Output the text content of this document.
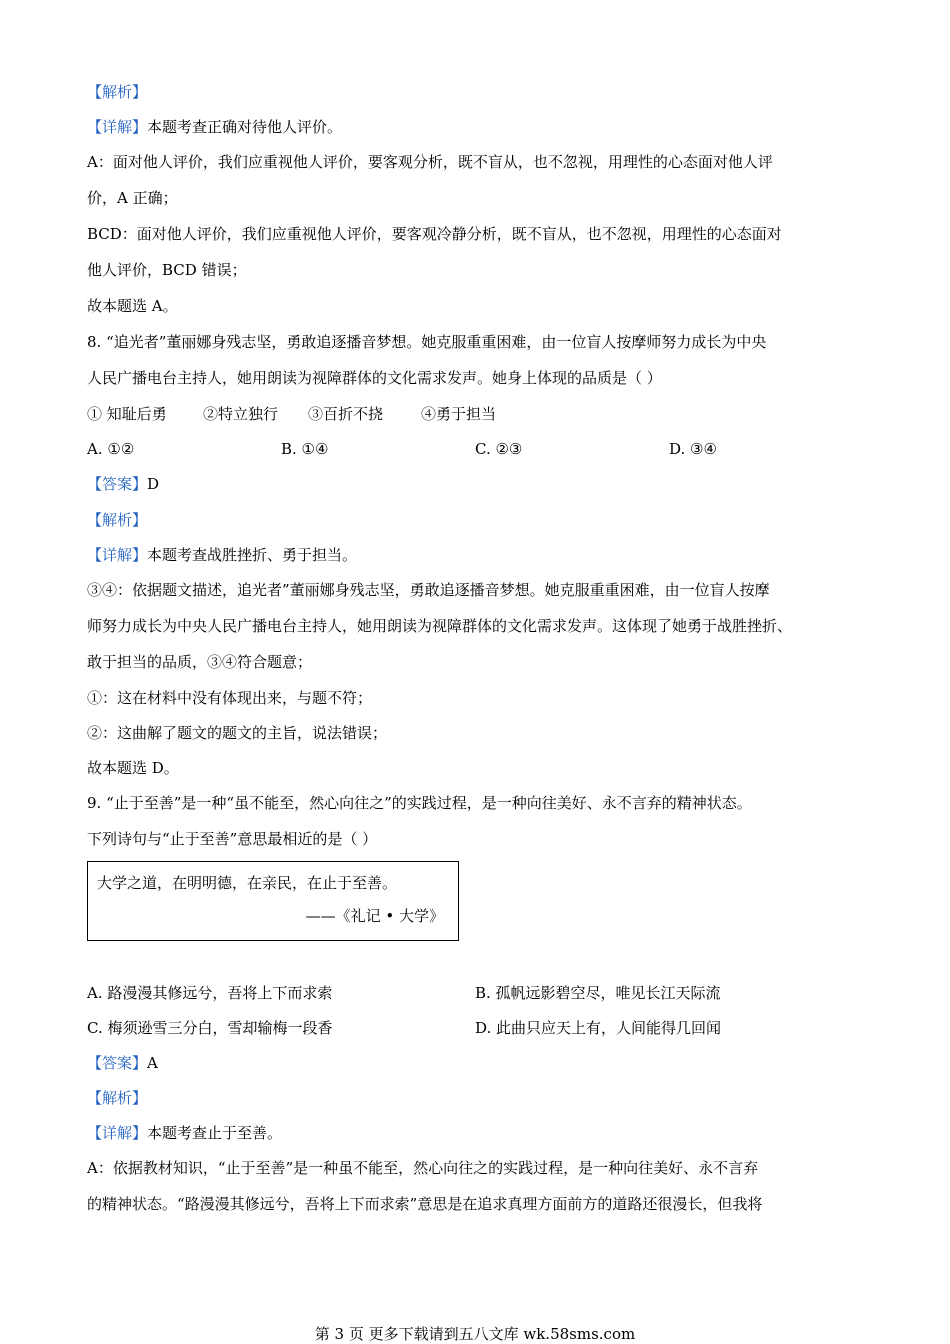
【解析】
【详解】本题考查正确对待他人评价。
A：面对他人评价，我们应重视他人评价，要客观分析，既不盲从，也不忽视，用理性的心态面对他人评
价，A 正确；
BCD：面对他人评价，我们应重视他人评价，要客观冷静分析，既不盲从，也不忽视，用理性的心态面对
他人评价，BCD 错误；
故本题选 A。
8. “追光者”董丽娜身残志坚，勇敢追逐播音梦想。她克服重重困难，由一位盲人按摩师努力成长为中央
人民广播电台主持人，她用朗读为视障群体的文化需求发声。她身上体现的品质是（ ）
① 知耻后勇 ②特立独行 ③百折不挠	④勇于担当
A. ①②	B. ①④	C. ②③	D. ③④
【答案】D
【解析】
【详解】本题考查战胜挫折、勇于担当。
③④：依据题文描述，追光者”董丽娜身残志坚，勇敢追逐播音梦想。她克服重重困难，由一位盲人按摩
师努力成长为中央人民广播电台主持人，她用朗读为视障群体的文化需求发声。这体现了她勇于战胜挫折、
敢于担当的品质，③④符合题意；
①：这在材料中没有体现出来，与题不符；
②：这曲解了题文的题文的主旨，说法错误；
故本题选 D。
9. “止于至善”是一种“虽不能至，然心向往之”的实践过程，是一种向往美好、永不言弃的精神状态。
下列诗句与“止于至善”意思最相近的是（ ）
大学之道，在明明德，在亲民，在止于至善。
——《礼记 • 大学》
A. 路漫漫其修远兮，吾将上下而求索	B. 孤帆远影碧空尽，唯见长江天际流
C. 梅须逊雪三分白，雪却输梅一段香	D. 此曲只应天上有，人间能得几回闻
【答案】A
【解析】
【详解】本题考查止于至善。
A：依据教材知识，“止于至善”是一种虽不能至，然心向往之的实践过程，是一种向往美好、永不言弃
的精神状态。“路漫漫其修远兮，吾将上下而求索”意思是在追求真理方面前方的道路还很漫长，但我将
第 3 页 更多下载请到五八文库 wk.58sms.com
